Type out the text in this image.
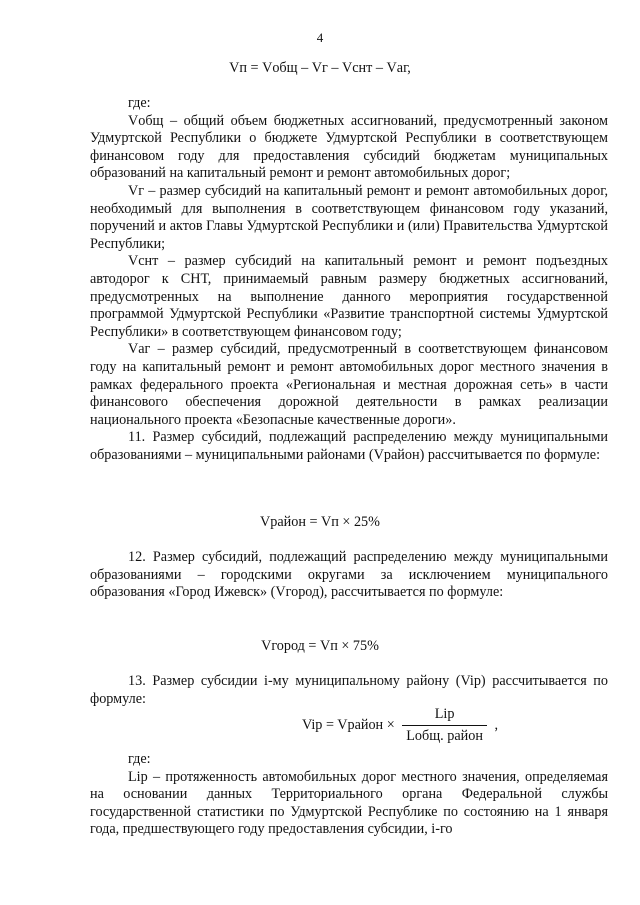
4
Vп = Vобщ – Vг – Vснт – Vаг,

где:

Vобщ – общий объем бюджетных ассигнований, предусмотренный законом Удмуртской Республики о бюджете Удмуртской Республики в соответствующем финансовом году для предоставления субсидий бюджетам муниципальных образований на капитальный ремонт и ремонт автомобильных дорог;

Vг – размер субсидий на капитальный ремонт и ремонт автомобильных дорог, необходимый для выполнения в соответствующем финансовом году указаний, поручений и актов Главы Удмуртской Республики и (или) Правительства Удмуртской Республики;

Vснт – размер субсидий на капитальный ремонт и ремонт подъездных автодорог к СНТ, принимаемый равным размеру бюджетных ассигнований, предусмотренных на выполнение данного мероприятия государственной программой Удмуртской Республики «Развитие транспортной системы Удмуртской Республики» в соответствующем финансовом году;

Vаг – размер субсидий, предусмотренный в соответствующем финансовом году на капитальный ремонт и ремонт автомобильных дорог местного значения в рамках федерального проекта «Региональная и местная дорожная сеть» в части финансового обеспечения дорожной деятельности в рамках реализации национального проекта «Безопасные качественные дороги».

11. Размер субсидий, подлежащий распределению между муниципальными образованиями – муниципальными районами (Vрайон) рассчитывается по формуле:

Vрайон = Vп × 25%

12. Размер субсидий, подлежащий распределению между муниципальными образованиями – городскими округами за исключением муниципального образования «Город Ижевск» (Vгород), рассчитывается по формуле:

Vгород = Vп × 75%

13. Размер субсидии i-му муниципальному району (Vip) рассчитывается по формуле:

Vip = Vрайон × $\frac{\text{Lip}}{\text{Lобщ. район}}$ ,

где:

Lip – протяженность автомобильных дорог местного значения, определяемая на основании данных Территориального органа Федеральной службы государственной статистики по Удмуртской Республике по состоянию на 1 января года, предшествующего году предоставления субсидии, i-го
